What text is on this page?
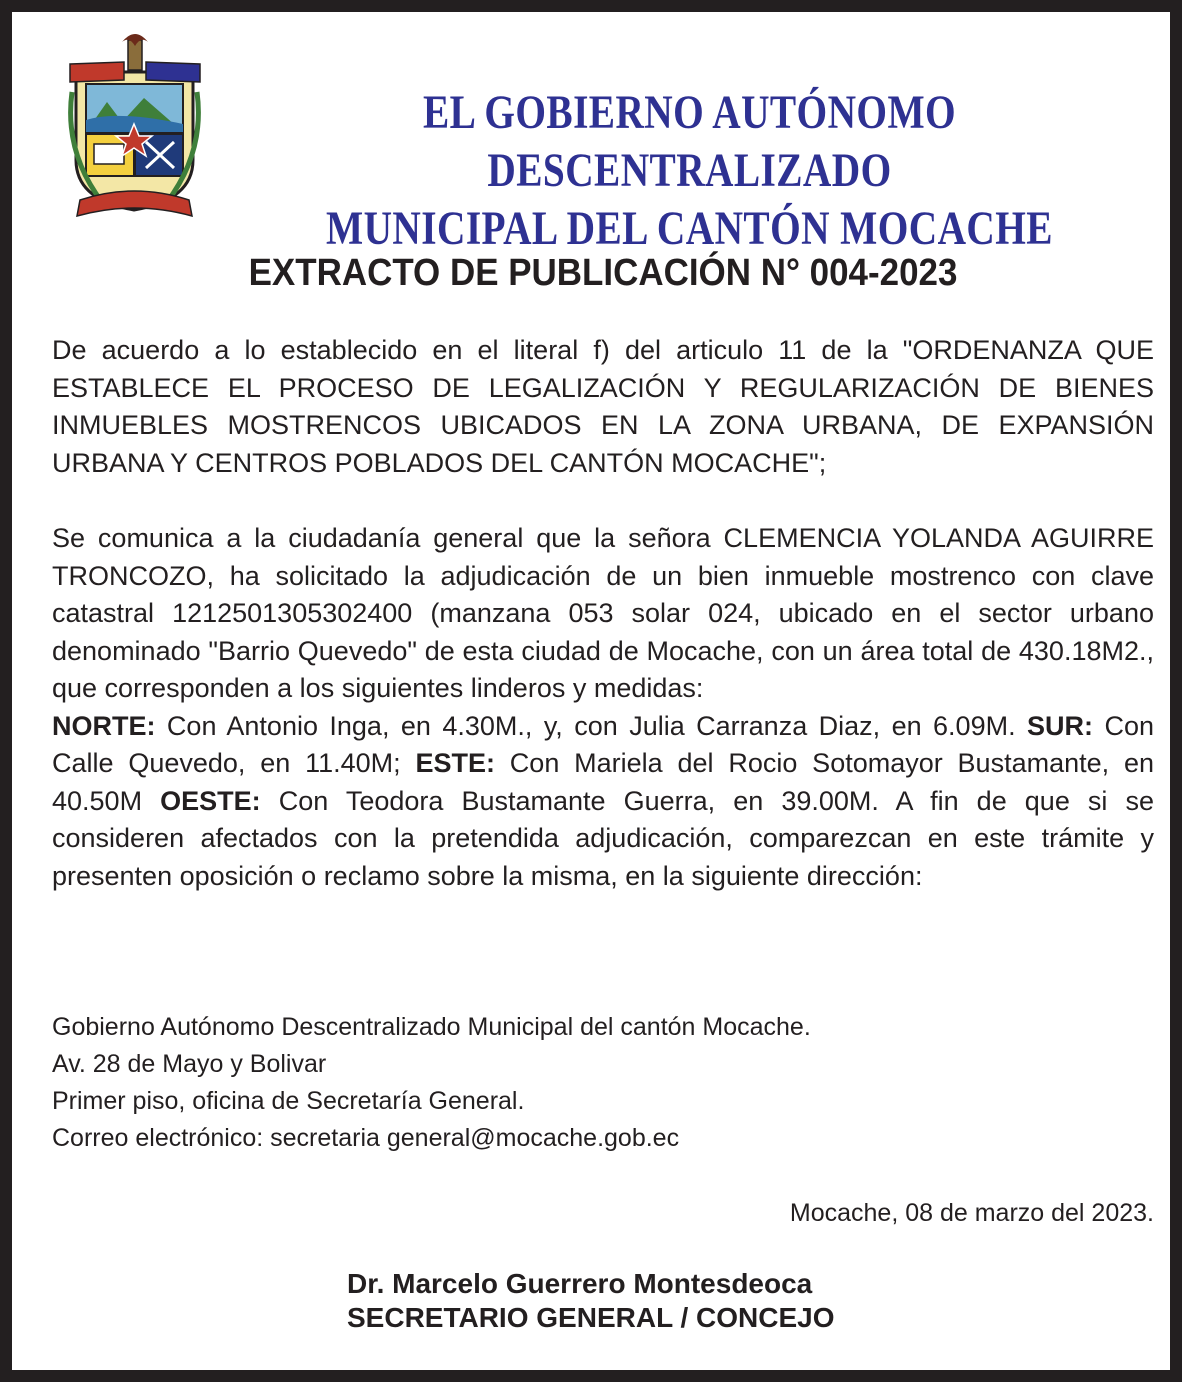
EL GOBIERNO AUTÓNOMO DESCENTRALIZADO
MUNICIPAL DEL CANTÓN MOCACHE
EXTRACTO DE PUBLICACIÓN N° 004-2023

De acuerdo a lo establecido en el literal f) del articulo 11 de la "ORDENANZA QUE ESTABLECE EL PROCESO DE LEGALIZACIÓN Y REGULARIZACIÓN DE BIENES INMUEBLES MOSTRENCOS UBICADOS EN LA ZONA URBANA, DE EXPANSIÓN URBANA Y CENTROS POBLADOS DEL CANTÓN MOCACHE";

Se comunica a la ciudadanía general que la señora CLEMENCIA YOLANDA AGUIRRE TRONCOZO, ha solicitado la adjudicación de un bien inmueble mostrenco con clave catastral 1212501305302400 (manzana 053 solar 024, ubicado en el sector urbano denominado "Barrio Quevedo" de esta ciudad de Mocache, con un área total de 430.18M2., que corresponden a los siguientes linderos y medidas:
NORTE: Con Antonio Inga, en 4.30M., y, con Julia Carranza Diaz, en 6.09M. SUR: Con Calle Quevedo, en 11.40M; ESTE: Con Mariela del Rocio Sotomayor Bustamante, en 40.50M OESTE: Con Teodora Bustamante Guerra, en 39.00M. A fin de que si se consideren afectados con la pretendida adjudicación, comparezcan en este trámite y presenten oposición o reclamo sobre la misma, en la siguiente dirección:

Gobierno Autónomo Descentralizado Municipal del cantón Mocache.
Av. 28 de Mayo y Bolivar
Primer piso, oficina de Secretaría General.
Correo electrónico: secretaria general@mocache.gob.ec
Mocache, 08 de marzo del 2023.
Dr. Marcelo Guerrero Montesdeoca
SECRETARIO GENERAL / CONCEJO
